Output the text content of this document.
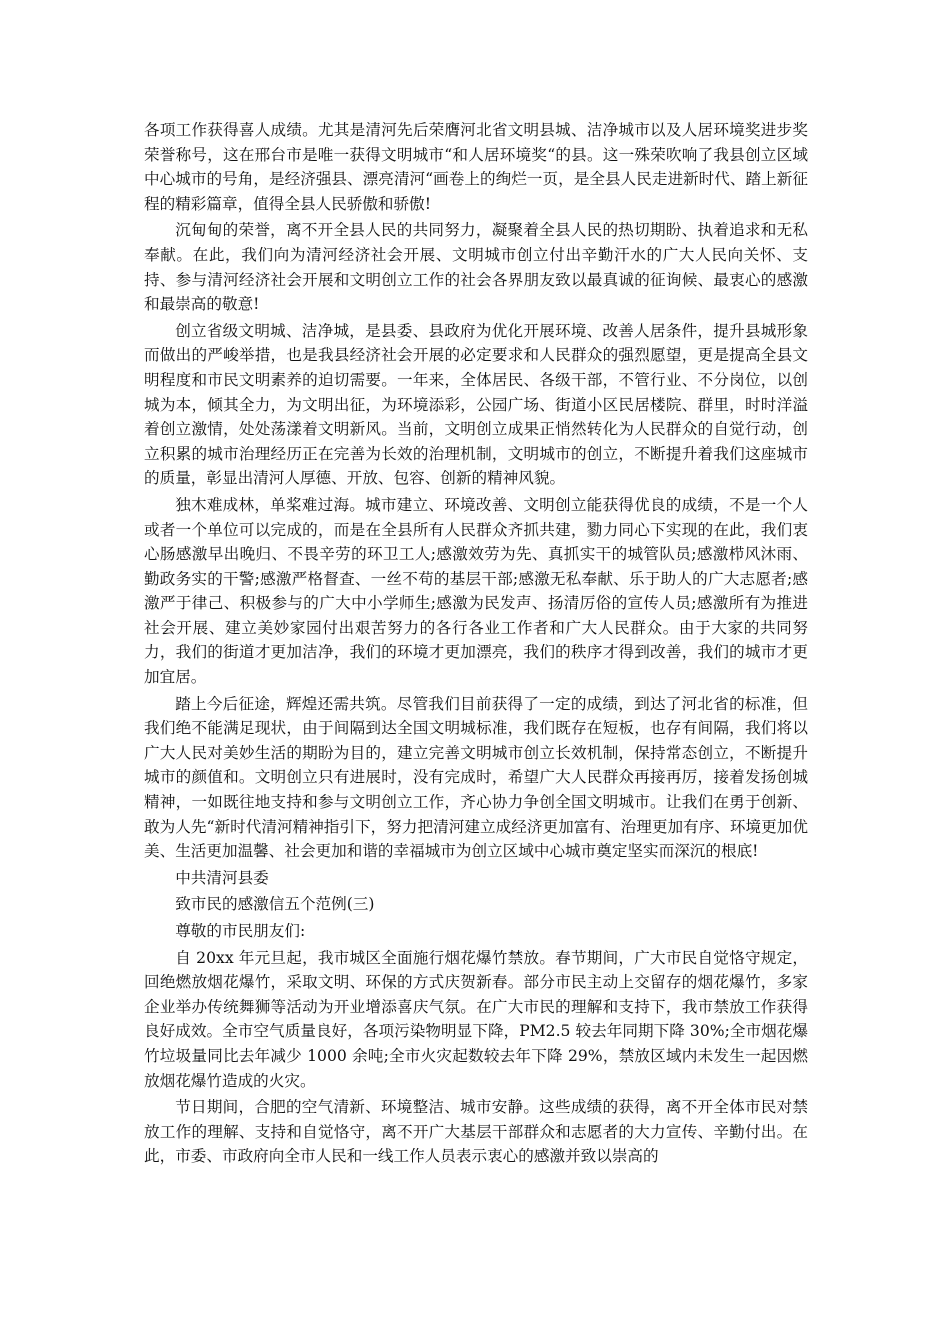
各项工作获得喜人成绩。尤其是清河先后荣膺河北省文明县城、洁净城市以及人居环境奖进步奖荣誉称号，这在邢台市是唯一获得文明城市“和人居环境奖“的县。这一殊荣吹响了我县创立区域中心城市的号角，是经济强县、漂亮清河“画卷上的绚烂一页，是全县人民走进新时代、踏上新征程的精彩篇章，值得全县人民骄傲和骄傲!

沉甸甸的荣誉，离不开全县人民的共同努力，凝聚着全县人民的热切期盼、执着追求和无私奉献。在此，我们向为清河经济社会开展、文明城市创立付出辛勤汗水的广大人民向关怀、支持、参与清河经济社会开展和文明创立工作的社会各界朋友致以最真诚的征询候、最衷心的感激和最崇高的敬意!

创立省级文明城、洁净城，是县委、县政府为优化开展环境、改善人居条件，提升县城形象而做出的严峻举措，也是我县经济社会开展的必定要求和人民群众的强烈愿望，更是提高全县文明程度和市民文明素养的迫切需要。一年来，全体居民、各级干部，不管行业、不分岗位，以创城为本，倾其全力，为文明出征，为环境添彩，公园广场、街道小区民居楼院、群里，时时洋溢着创立激情，处处荡漾着文明新风。当前，文明创立成果正悄然转化为人民群众的自觉行动，创立积累的城市治理经历正在完善为长效的治理机制，文明城市的创立，不断提升着我们这座城市的质量，彰显出清河人厚德、开放、包容、创新的精神风貌。

独木难成林，单桨难过海。城市建立、环境改善、文明创立能获得优良的成绩，不是一个人或者一个单位可以完成的，而是在全县所有人民群众齐抓共建，勠力同心下实现的在此，我们衷心肠感激早出晚归、不畏辛劳的环卫工人;感激效劳为先、真抓实干的城管队员;感激栉风沐雨、勤政务实的干警;感激严格督查、一丝不苟的基层干部;感激无私奉献、乐于助人的广大志愿者;感激严于律己、积极参与的广大中小学师生;感激为民发声、扬清厉俗的宣传人员;感激所有为推进社会开展、建立美妙家园付出艰苦努力的各行各业工作者和广大人民群众。由于大家的共同努力，我们的街道才更加洁净，我们的环境才更加漂亮，我们的秩序才得到改善，我们的城市才更加宜居。

踏上今后征途，辉煌还需共筑。尽管我们目前获得了一定的成绩，到达了河北省的标准，但我们绝不能满足现状，由于间隔到达全国文明城标准，我们既存在短板，也存有间隔，我们将以广大人民对美妙生活的期盼为目的，建立完善文明城市创立长效机制，保持常态创立，不断提升城市的颜值和。文明创立只有进展时，没有完成时，希望广大人民群众再接再厉，接着发扬创城精神，一如既往地支持和参与文明创立工作，齐心协力争创全国文明城市。让我们在勇于创新、敢为人先“新时代清河精神指引下，努力把清河建立成经济更加富有、治理更加有序、环境更加优美、生活更加温馨、社会更加和谐的幸福城市为创立区域中心城市奠定坚实而深沉的根底!

中共清河县委

致市民的感激信五个范例(三)

尊敬的市民朋友们:

自 20xx 年元旦起，我市城区全面施行烟花爆竹禁放。春节期间，广大市民自觉恪守规定，回绝燃放烟花爆竹，采取文明、环保的方式庆贺新春。部分市民主动上交留存的烟花爆竹，多家企业举办传统舞狮等活动为开业增添喜庆气氛。在广大市民的理解和支持下，我市禁放工作获得良好成效。全市空气质量良好，各项污染物明显下降，PM2.5 较去年同期下降 30%;全市烟花爆竹垃圾量同比去年减少 1000 余吨;全市火灾起数较去年下降 29%，禁放区域内未发生一起因燃放烟花爆竹造成的火灾。

节日期间，合肥的空气清新、环境整洁、城市安静。这些成绩的获得，离不开全体市民对禁放工作的理解、支持和自觉恪守，离不开广大基层干部群众和志愿者的大力宣传、辛勤付出。在此，市委、市政府向全市人民和一线工作人员表示衷心的感激并致以崇高的
